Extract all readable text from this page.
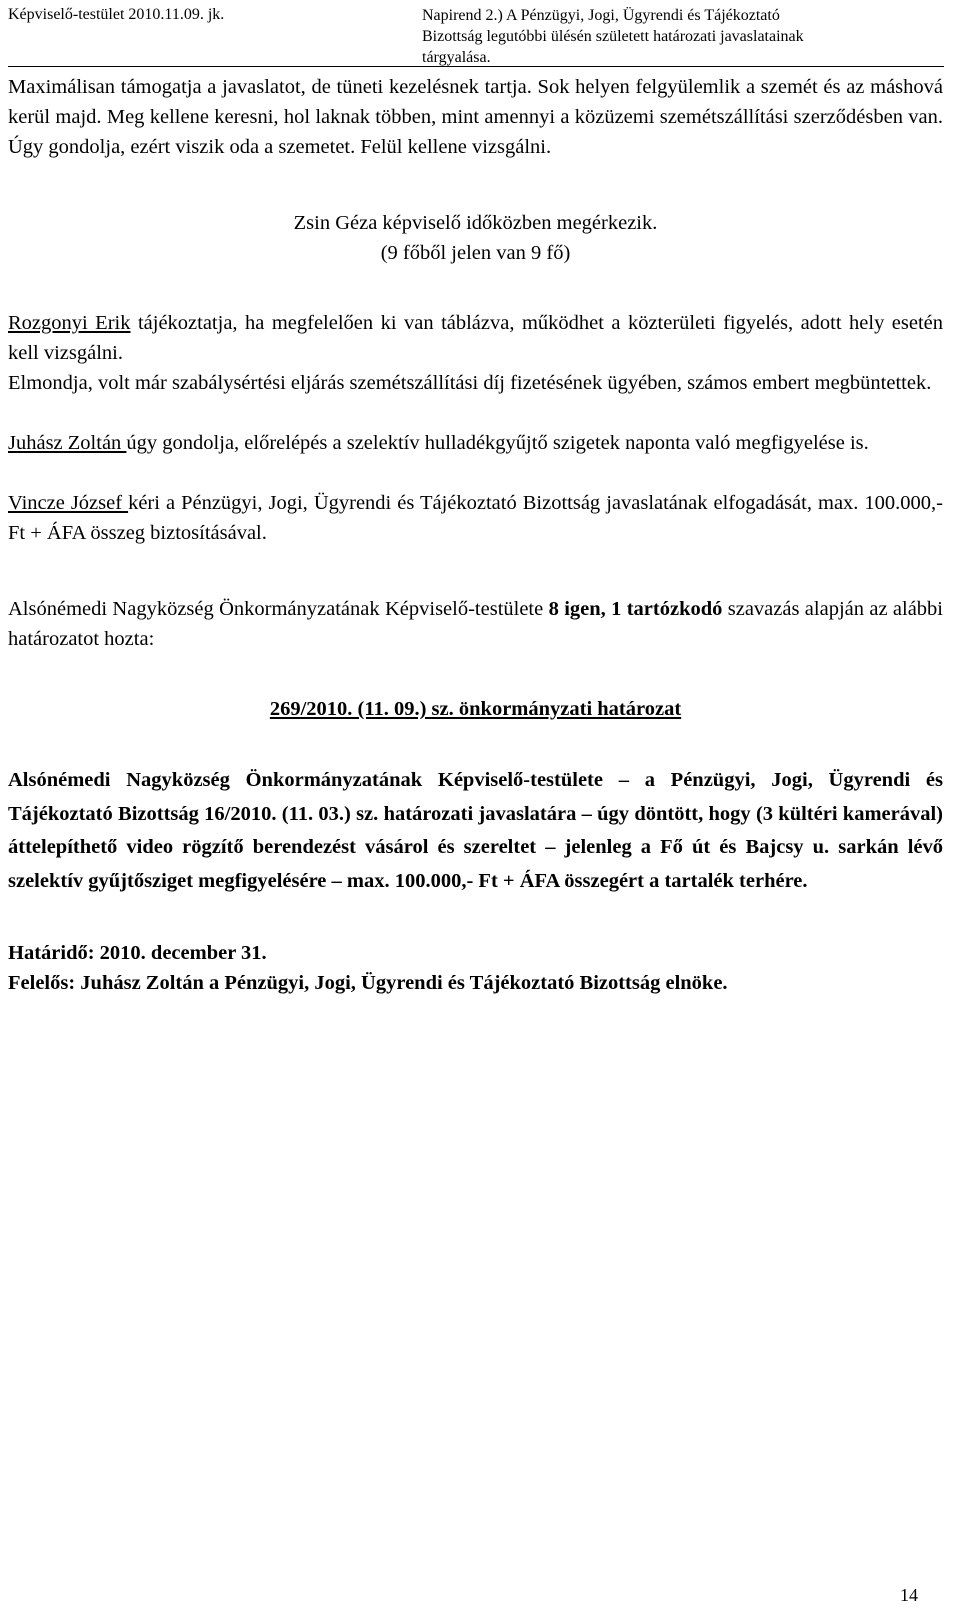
Képviselő-testület 2010.11.09. jk.	Napirend 2.) A Pénzügyi, Jogi, Ügyrendi és Tájékoztató
Bizottság legutóbbi ülésén született határozati javaslatainak
tárgyalása.

Maximálisan támogatja a javaslatot, de tüneti kezelésnek tartja. Sok helyen felgyülemlik a szemét és az máshová kerül majd. Meg kellene keresni, hol laknak többen, mint amennyi a közüzemi szemétszállítási szerződésben van. Úgy gondolja, ezért viszik oda a szemetet. Felül kellene vizsgálni.

Zsin Géza képviselő időközben megérkezik.

(9 főből jelen van 9 fő)

Rozgonyi Erik tájékoztatja, ha megfelelően ki van táblázva, működhet a közterületi figyelés, adott hely esetén kell vizsgálni.

Elmondja, volt már szabálysértési eljárás szemétszállítási díj fizetésének ügyében, számos embert megbüntettek.

Juhász Zoltán úgy gondolja, előrelépés a szelektív hulladékgyűjtő szigetek naponta való megfigyelése is.

Vincze József kéri a Pénzügyi, Jogi, Ügyrendi és Tájékoztató Bizottság javaslatának elfogadását, max. 100.000,- Ft + ÁFA összeg biztosításával.

Alsónémedi Nagyközség Önkormányzatának Képviselő-testülete 8 igen, 1 tartózkodó szavazás alapján az alábbi határozatot hozta:

269/2010. (11. 09.) sz. önkormányzati határozat

Alsónémedi Nagyközség Önkormányzatának Képviselő-testülete – a Pénzügyi, Jogi, Ügyrendi és Tájékoztató Bizottság 16/2010. (11. 03.) sz. határozati javaslatára – úgy döntött, hogy (3 kültéri kamerával) áttelepíthető video rögzítő berendezést vásárol és szereltet – jelenleg a Fő út és Bajcsy u. sarkán lévő szelektív gyűjtősziget megfigyelésére – max. 100.000,- Ft + ÁFA összegért a tartalék terhére.

Határidő: 2010. december 31.

Felelős: Juhász Zoltán a Pénzügyi, Jogi, Ügyrendi és Tájékoztató Bizottság elnöke.

14
